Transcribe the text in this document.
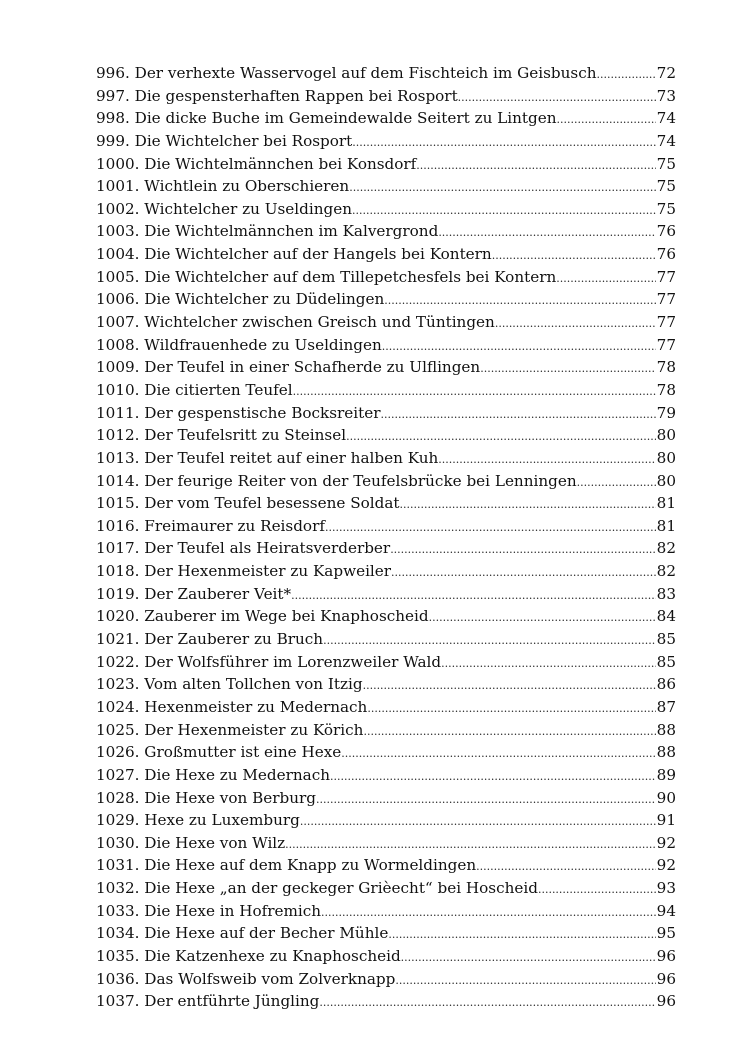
996. Der verhexte Wasservogel auf dem Fischteich im Geisbusch .....	72
997. Die gespensterhaften Rappen bei Rosport .....	73
998. Die dicke Buche im Gemeindewalde Seitert zu Lintgen .....	74
999. Die Wichtelcher bei Rosport .....	74
1000. Die Wichtelmännchen bei Konsdorf .....	75
1001. Wichtlein zu Oberschieren .....	75
1002. Wichtelcher zu Useldingen .....	75
1003. Die Wichtelmännchen im Kalvergrond .....	76
1004. Die Wichtelcher auf der Hangels bei Kontern .....	76
1005. Die Wichtelcher auf dem Tillepetchesfels bei Kontern .....	77
1006. Die Wichtelcher zu Düdelingen .....	77
1007. Wichtelcher zwischen Greisch und Tüntingen .....	77
1008. Wildfrauenhede zu Useldingen .....	77
1009. Der Teufel in einer Schafherde zu Ulflingen .....	78
1010. Die citierten Teufel .....	78
1011. Der gespenstische Bocksreiter .....	79
1012. Der Teufelsritt zu Steinsel .....	80
1013. Der Teufel reitet auf einer halben Kuh .....	80
1014. Der feurige Reiter von der Teufelsbrücke bei Lenningen .....	80
1015. Der vom Teufel besessene Soldat .....	81
1016. Freimaurer zu Reisdorf .....	81
1017. Der Teufel als Heiratsverderber .....	82
1018. Der Hexenmeister zu Kapweiler .....	82
1019. Der Zauberer Veit* .....	83
1020. Zauberer im Wege bei Knaphoscheid .....	84
1021. Der Zauberer zu Bruch .....	85
1022. Der Wolfsführer im Lorenzweiler Wald .....	85
1023. Vom alten Tollchen von Itzig .....	86
1024. Hexenmeister zu Medernach .....	87
1025. Der Hexenmeister zu Körich .....	88
1026. Großmutter ist eine Hexe .....	88
1027. Die Hexe zu Medernach .....	89
1028. Die Hexe von Berburg .....	90
1029. Hexe zu Luxemburg .....	91
1030. Die Hexe von Wilz .....	92
1031. Die Hexe auf dem Knapp zu Wormeldingen .....	92
1032. Die Hexe „an der geckeger Grièecht“ bei Hoscheid .....	93
1033. Die Hexe in Hofremich .....	94
1034. Die Hexe auf der Becher Mühle .....	95
1035. Die Katzenhexe zu Knaphoscheid .....	96
1036. Das Wolfsweib vom Zolverknapp .....	96
1037. Der entführte Jüngling .....	96
